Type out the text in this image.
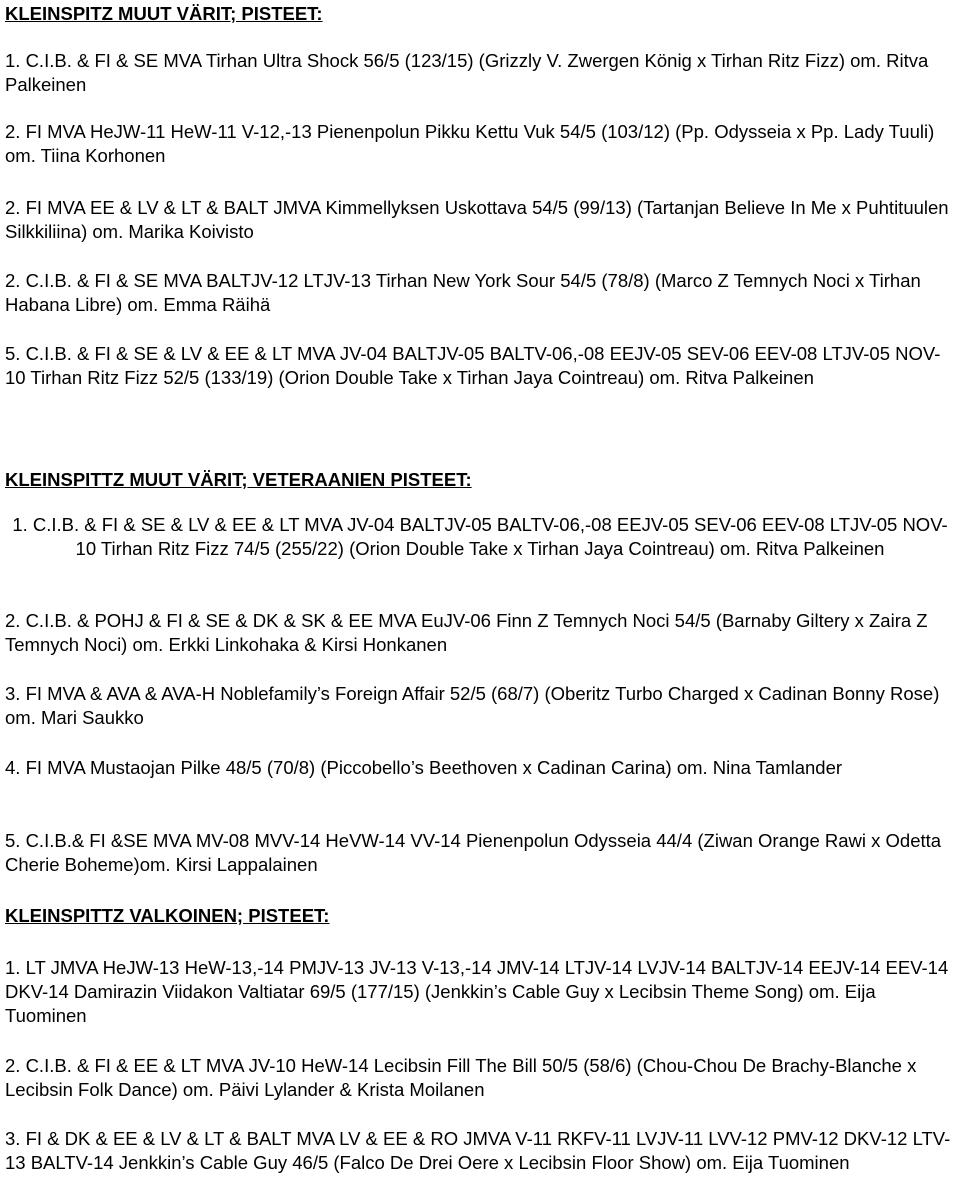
KLEINSPITZ MUUT VÄRIT; PISTEET:

1. C.I.B. & FI & SE MVA Tirhan Ultra Shock 56/5 (123/15) (Grizzly V. Zwergen König x Tirhan Ritz Fizz) om. Ritva Palkeinen

2. FI MVA HeJW-11 HeW-11 V-12,-13 Pienenpolun Pikku Kettu Vuk 54/5 (103/12) (Pp. Odysseia x Pp. Lady Tuuli) om. Tiina Korhonen

2. FI MVA EE & LV & LT & BALT JMVA Kimmellyksen Uskottava 54/5 (99/13) (Tartanjan Believe In Me x Puhtituulen Silkkiliina) om. Marika Koivisto

2. C.I.B. & FI & SE MVA BALTJV-12 LTJV-13 Tirhan New York Sour 54/5 (78/8) (Marco Z Temnych Noci x Tirhan Habana Libre) om. Emma Räihä

5. C.I.B. & FI & SE & LV & EE & LT MVA JV-04 BALTJV-05 BALTV-06,-08 EEJV-05 SEV-06 EEV-08 LTJV-05 NOV-10 Tirhan Ritz Fizz 52/5 (133/19) (Orion Double Take x Tirhan Jaya Cointreau) om. Ritva Palkeinen

KLEINSPITTZ MUUT VÄRIT; VETERAANIEN PISTEET:

1. C.I.B. & FI & SE & LV & EE & LT MVA JV-04 BALTJV-05 BALTV-06,-08 EEJV-05 SEV-06 EEV-08 LTJV-05 NOV-10 Tirhan Ritz Fizz 74/5 (255/22) (Orion Double Take x Tirhan Jaya Cointreau) om. Ritva Palkeinen

2. C.I.B. & POHJ & FI & SE & DK & SK & EE MVA EuJV-06 Finn Z Temnych Noci 54/5 (Barnaby Giltery x Zaira Z Temnych Noci) om. Erkki Linkohaka & Kirsi Honkanen

3. FI MVA & AVA & AVA-H Noblefamily’s Foreign Affair 52/5 (68/7) (Oberitz Turbo Charged x Cadinan Bonny Rose) om. Mari Saukko

4. FI MVA Mustaojan Pilke 48/5 (70/8) (Piccobello’s Beethoven x Cadinan Carina) om. Nina Tamlander

5. C.I.B.& FI &SE MVA MV-08 MVV-14 HeVW-14 VV-14 Pienenpolun Odysseia 44/4 (Ziwan Orange Rawi x Odetta Cherie Boheme)om. Kirsi Lappalainen

KLEINSPITTZ VALKOINEN; PISTEET:

1. LT JMVA HeJW-13 HeW-13,-14 PMJV-13 JV-13 V-13,-14 JMV-14 LTJV-14 LVJV-14 BALTJV-14 EEJV-14 EEV-14 DKV-14 Damirazin Viidakon Valtiatar 69/5 (177/15) (Jenkkin’s Cable Guy x Lecibsin Theme Song) om. Eija Tuominen

2. C.I.B. & FI & EE & LT MVA JV-10 HeW-14 Lecibsin Fill The Bill 50/5 (58/6) (Chou-Chou De Brachy-Blanche x Lecibsin Folk Dance) om. Päivi Lylander & Krista Moilanen

3. FI & DK & EE & LV & LT & BALT MVA LV & EE & RO JMVA V-11 RKFV-11 LVJV-11 LVV-12 PMV-12 DKV-12 LTV-13 BALTV-14 Jenkkin’s Cable Guy 46/5 (Falco De Drei Oere x Lecibsin Floor Show) om. Eija Tuominen
